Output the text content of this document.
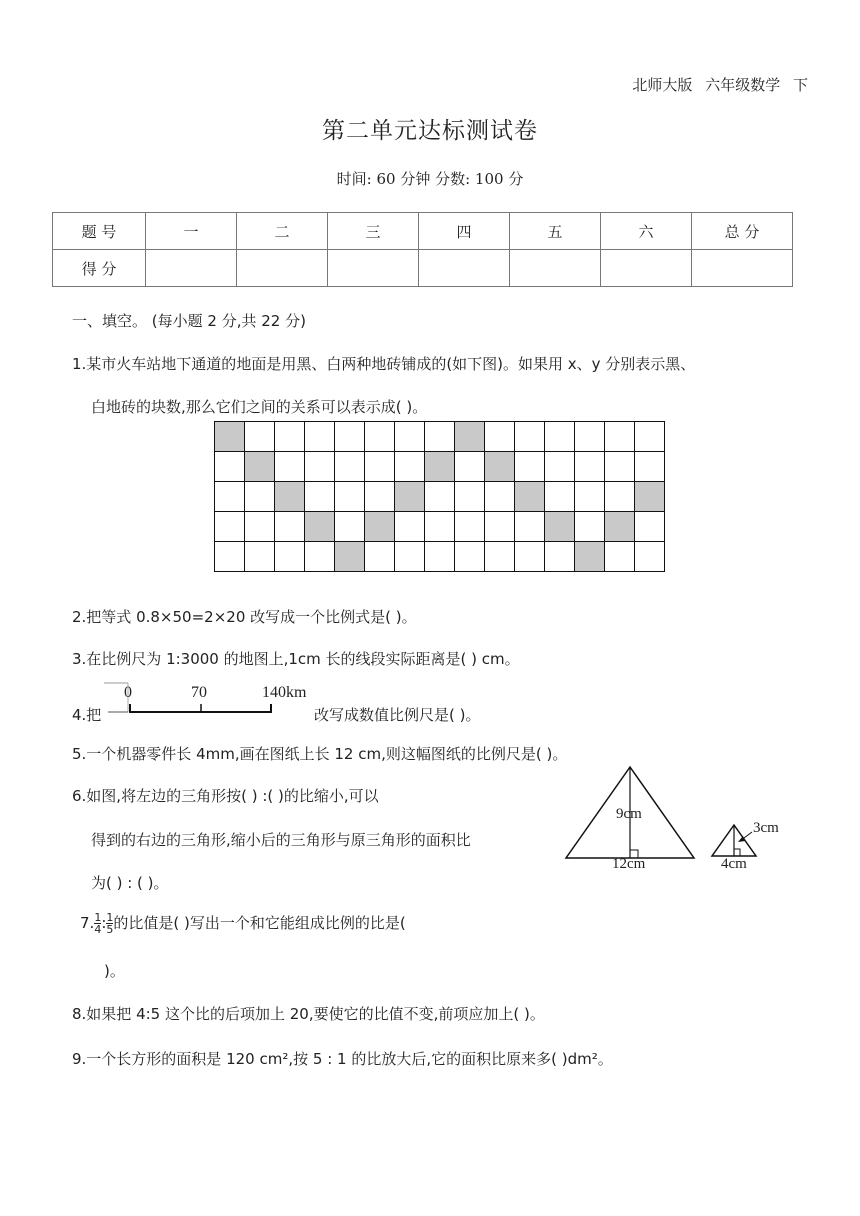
北师大版 六年级数学 下
第二单元达标测试卷
时间: 60 分钟 分数: 100 分
题 号	一	二	三	四	五	六	总 分
得 分							
一、填空。 (每小题 2 分,共 22 分)
1.某市火车站地下通道的地面是用黑、白两种地砖铺成的(如下图)。如果用 x、y 分别表示黑、
白地砖的块数,那么它们之间的关系可以表示成( )。

2.把等式 0.8×50=2×20 改写成一个比例式是( )。
3.在比例尺为 1:3000 的地图上,1cm 长的线段实际距离是( ) cm。
4.把
0	70	140km
改写成数值比例尺是( )。
5.一个机器零件长 4mm,画在图纸上长 12 cm,则这幅图纸的比例尺是( )。
6.如图,将左边的三角形按( ) :( )的比缩小,可以
得到的右边的三角形,缩小后的三角形与原三角形的面积比
为( ) : ( )。
9cm
12cm
3cm
4cm
7. $\frac{1}{4}$ : $\frac{1}{5}$ 的比值是( )写出一个和它能组成比例的比是(
)。
8.如果把 4:5 这个比的后项加上 20,要使它的比值不变,前项应加上( )。
9.一个长方形的面积是 120 cm²,按 5 : 1 的比放大后,它的面积比原来多( )dm²。
